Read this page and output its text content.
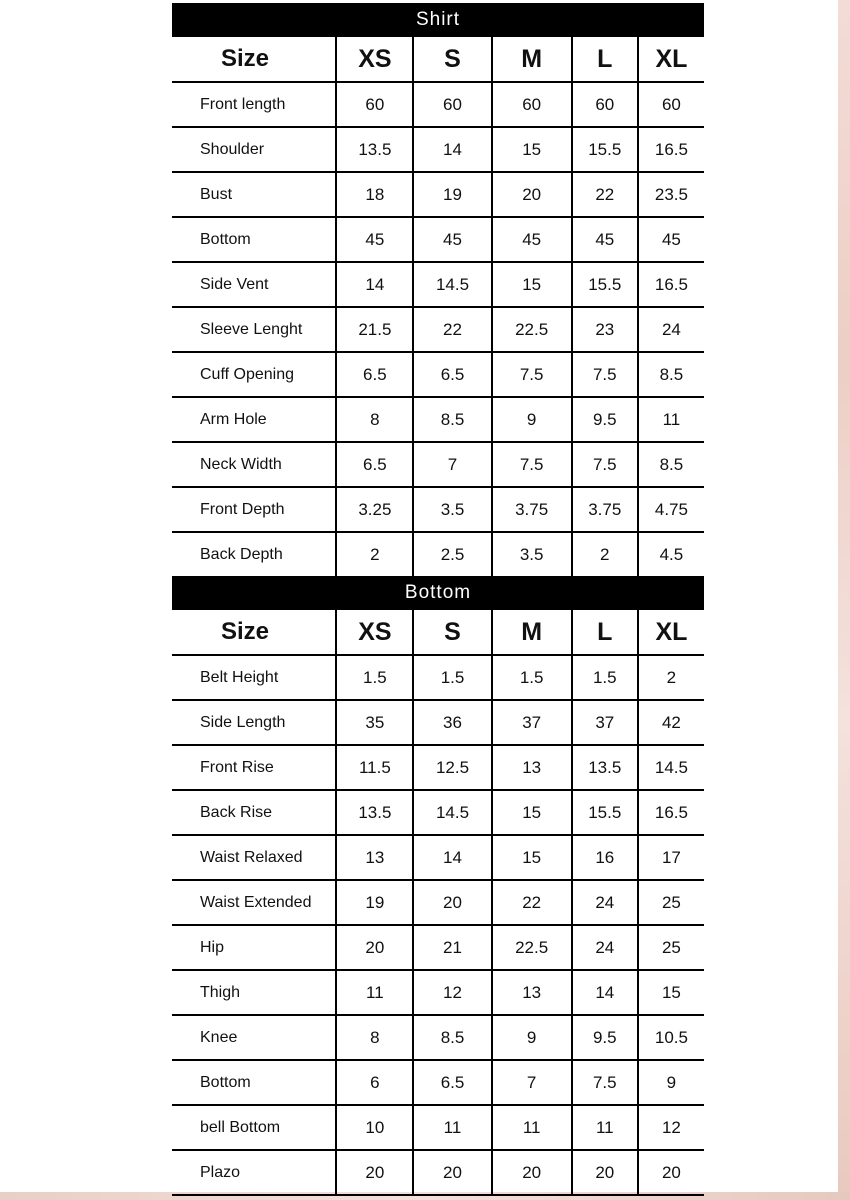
Shirt					
Size	XS	S	M	L	XL
Front length	60	60	60	60	60
Shoulder	13.5	14	15	15.5	16.5
Bust	18	19	20	22	23.5
Bottom	45	45	45	45	45
Side Vent	14	14.5	15	15.5	16.5
Sleeve Lenght	21.5	22	22.5	23	24
Cuff Opening	6.5	6.5	7.5	7.5	8.5
Arm Hole	8	8.5	9	9.5	11
Neck Width	6.5	7	7.5	7.5	8.5
Front Depth	3.25	3.5	3.75	3.75	4.75
Back Depth	2	2.5	3.5	2	4.5
Bottom					
Size	XS	S	M	L	XL
Belt Height	1.5	1.5	1.5	1.5	2
Side Length	35	36	37	37	42
Front Rise	11.5	12.5	13	13.5	14.5
Back Rise	13.5	14.5	15	15.5	16.5
Waist Relaxed	13	14	15	16	17
Waist Extended	19	20	22	24	25
Hip	20	21	22.5	24	25
Thigh	11	12	13	14	15
Knee	8	8.5	9	9.5	10.5
Bottom	6	6.5	7	7.5	9
bell Bottom	10	11	11	11	12
Plazo	20	20	20	20	20
